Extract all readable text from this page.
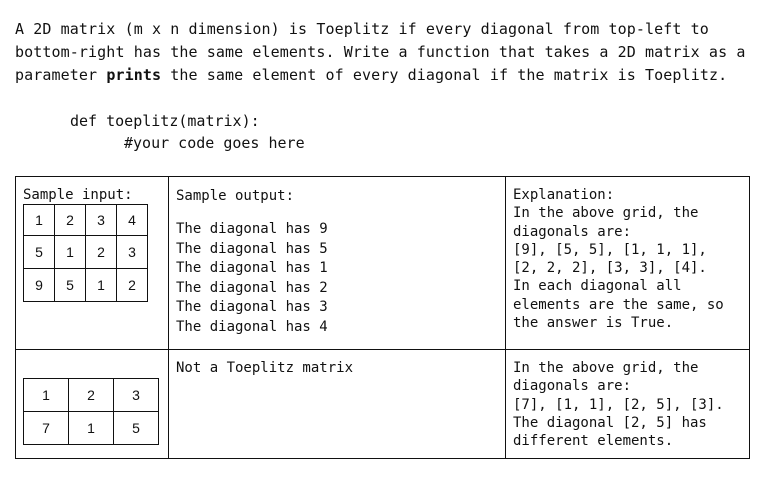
A 2D matrix (m x n dimension) is Toeplitz if every diagonal from top-left to bottom-right has the same elements. Write a function that takes a 2D matrix as a parameter prints the same element of every diagonal if the matrix is Toeplitz.

def toeplitz(matrix):
#your code goes here
Sample input:
1	2	3	4
5	1	2	3
9	5	1	2

Sample output:
The diagonal has 9
The diagonal has 5
The diagonal has 1
The diagonal has 2
The diagonal has 3
The diagonal has 4

Explanation:
In the above grid, the
diagonals are:
[9], [5, 5], [1, 1, 1],
[2, 2, 2], [3, 3], [4].
In each diagonal all
elements are the same, so
the answer is True.

1	2	3
7	1	5

Not a Toeplitz matrix	In the above grid, the
diagonals are:
[7], [1, 1], [2, 5], [3].
The diagonal [2, 5] has
different elements.
